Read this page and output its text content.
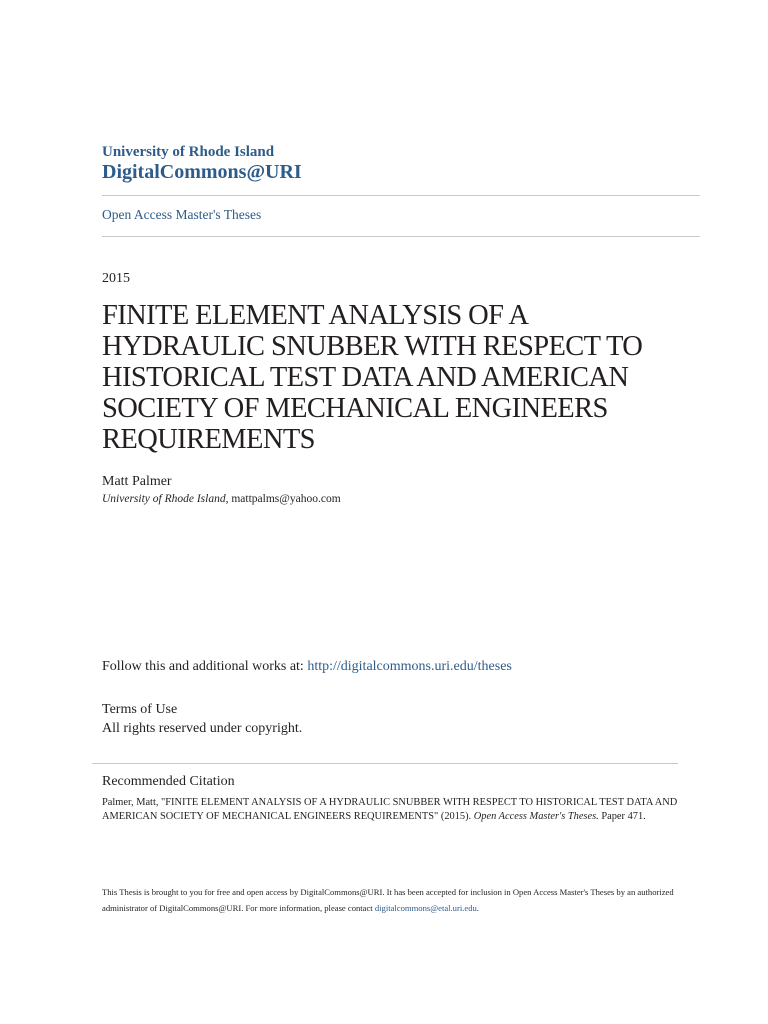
University of Rhode Island
DigitalCommons@URI
Open Access Master's Theses
2015
FINITE ELEMENT ANALYSIS OF A
HYDRAULIC SNUBBER WITH RESPECT TO
HISTORICAL TEST DATA AND AMERICAN
SOCIETY OF MECHANICAL ENGINEERS
REQUIREMENTS
Matt Palmer
University of Rhode Island, mattpalms@yahoo.com
Follow this and additional works at: http://digitalcommons.uri.edu/theses
Terms of Use
All rights reserved under copyright.
Recommended Citation
Palmer, Matt, "FINITE ELEMENT ANALYSIS OF A HYDRAULIC SNUBBER WITH RESPECT TO HISTORICAL TEST DATA AND AMERICAN SOCIETY OF MECHANICAL ENGINEERS REQUIREMENTS" (2015). Open Access Master's Theses. Paper 471.
This Thesis is brought to you for free and open access by DigitalCommons@URI. It has been accepted for inclusion in Open Access Master's Theses by an authorized administrator of DigitalCommons@URI. For more information, please contact digitalcommons@etal.uri.edu.
